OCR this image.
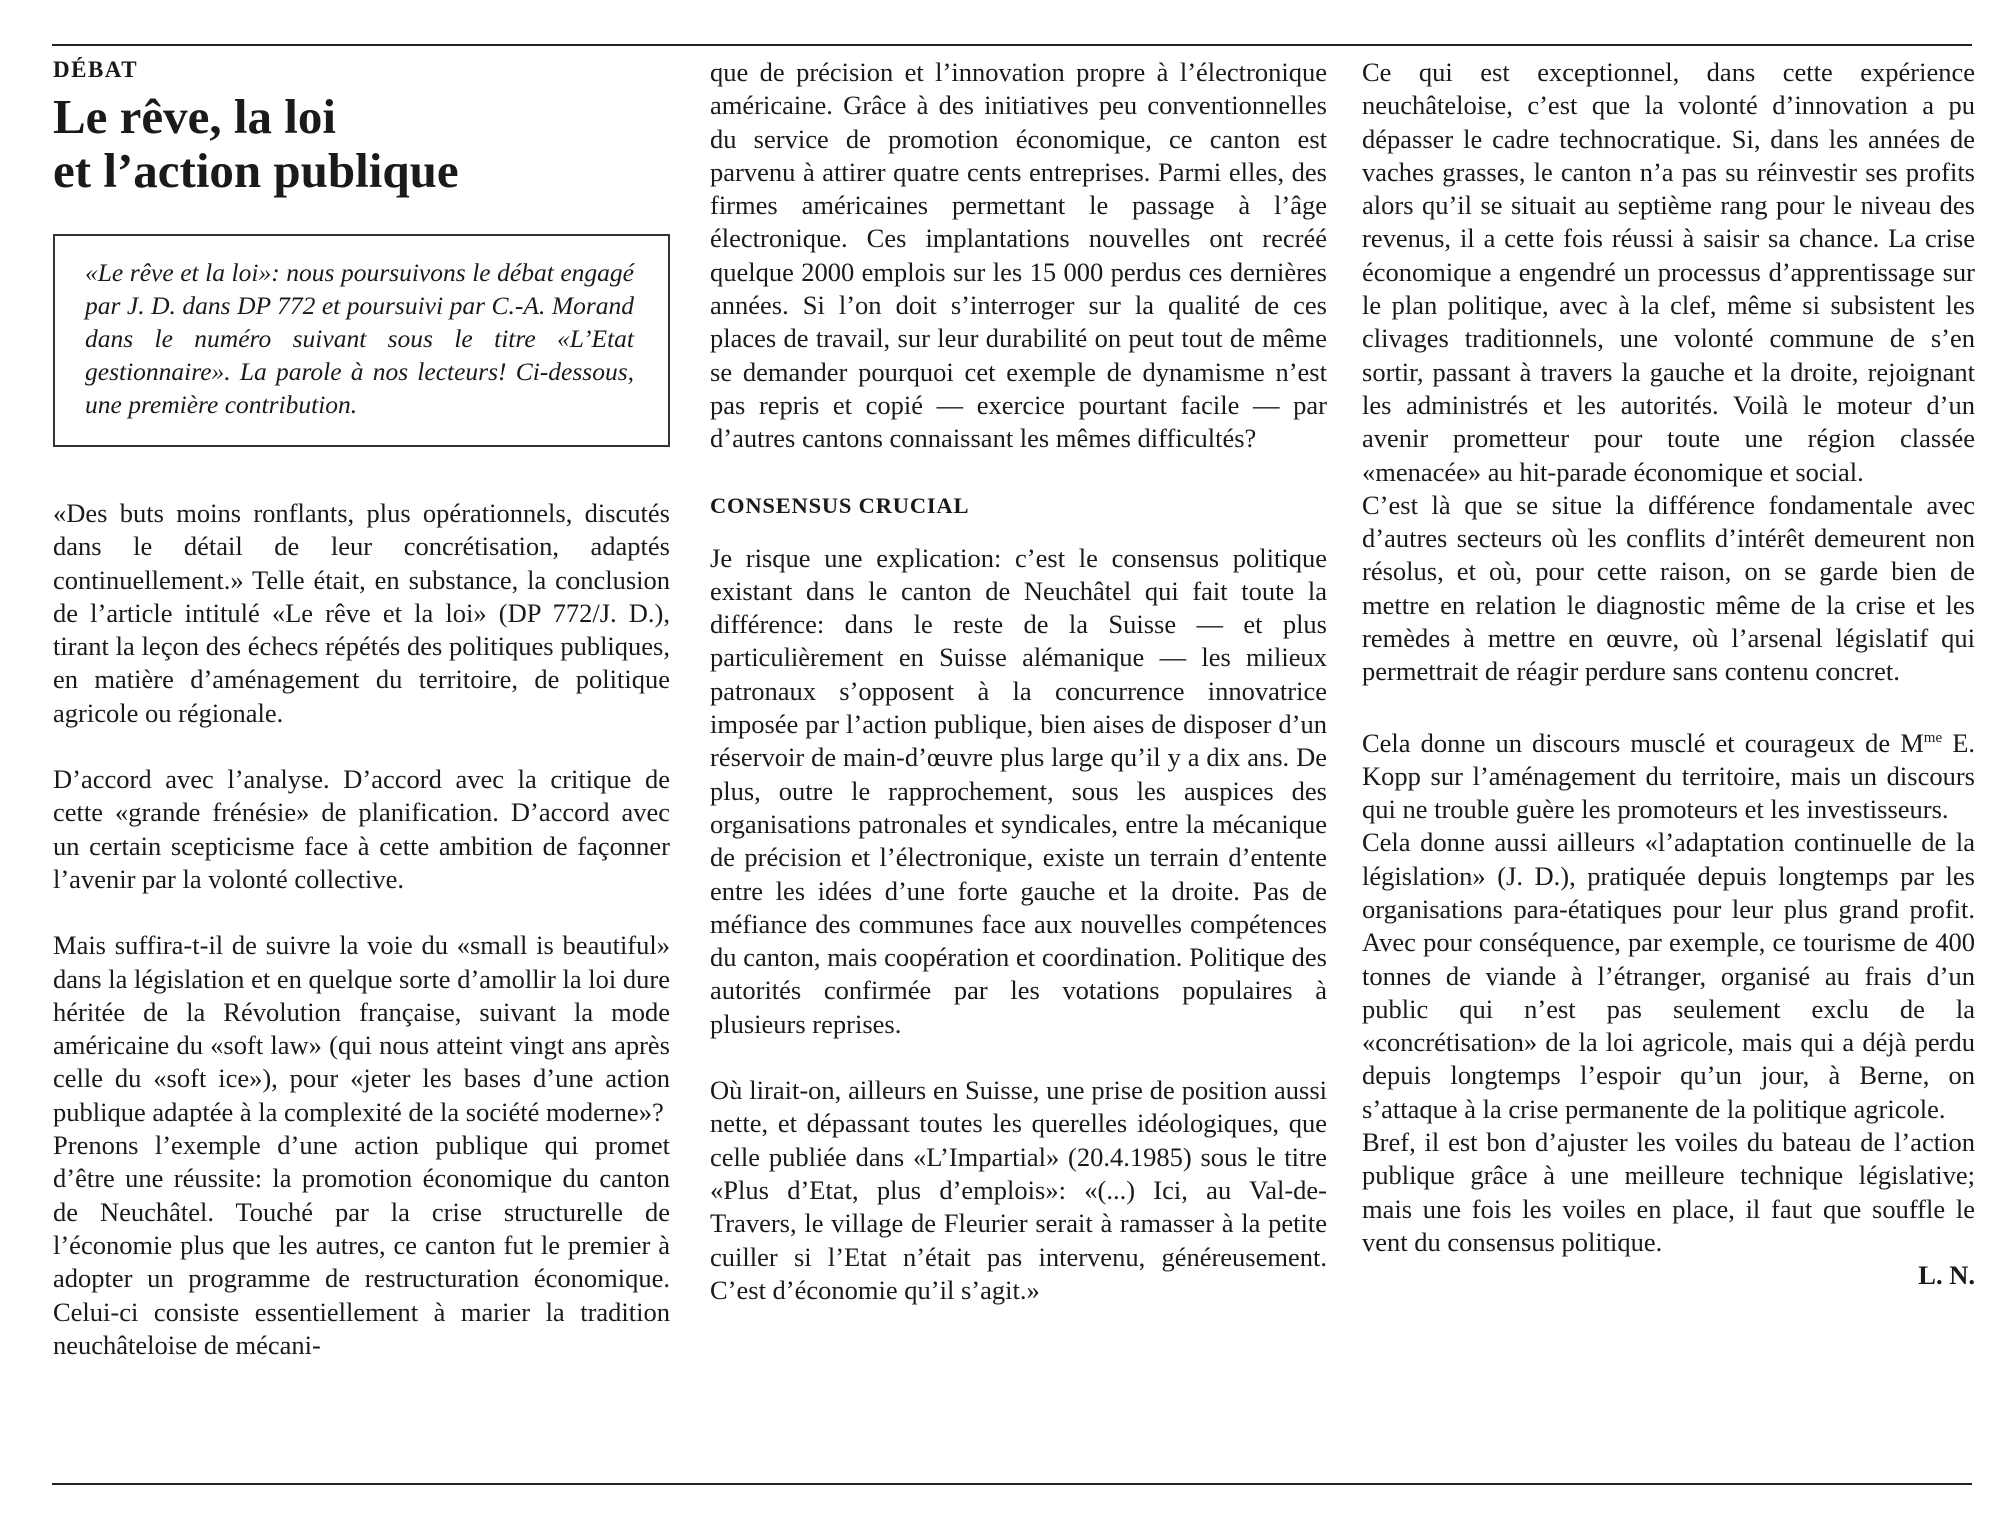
DÉBAT

Le rêve, la loi
et l’action publique
«Le rêve et la loi»: nous poursuivons le débat engagé par J. D. dans DP 772 et poursuivi par C.-A. Morand dans le numéro suivant sous le titre «L’Etat gestionnaire». La parole à nos lecteurs! Ci-dessous, une première contribution.

«Des buts moins ronflants, plus opérationnels, discutés dans le détail de leur concrétisation, adaptés continuellement.» Telle était, en substance, la conclusion de l’article intitulé «Le rêve et la loi» (DP 772/J. D.), tirant la leçon des échecs répétés des politiques publiques, en matière d’aménagement du territoire, de politique agricole ou régionale.

D’accord avec l’analyse. D’accord avec la critique de cette «grande frénésie» de planification. D’accord avec un certain scepticisme face à cette ambition de façonner l’avenir par la volonté collective.

Mais suffira-t-il de suivre la voie du «small is beautiful» dans la législation et en quelque sorte d’amollir la loi dure héritée de la Révolution française, suivant la mode américaine du «soft law» (qui nous atteint vingt ans après celle du «soft ice»), pour «jeter les bases d’une action publique adaptée à la complexité de la société moderne»?

Prenons l’exemple d’une action publique qui promet d’être une réussite: la promotion économique du canton de Neuchâtel. Touché par la crise structurelle de l’économie plus que les autres, ce canton fut le premier à adopter un programme de restructuration économique. Celui-ci consiste essentiellement à marier la tradition neuchâteloise de mécani-

que de précision et l’innovation propre à l’électronique américaine. Grâce à des initiatives peu conventionnelles du service de promotion économique, ce canton est parvenu à attirer quatre cents entreprises. Parmi elles, des firmes américaines permettant le passage à l’âge électronique. Ces implantations nouvelles ont recréé quelque 2000 emplois sur les 15 000 perdus ces dernières années. Si l’on doit s’interroger sur la qualité de ces places de travail, sur leur durabilité on peut tout de même se demander pourquoi cet exemple de dynamisme n’est pas repris et copié — exercice pourtant facile — par d’autres cantons connaissant les mêmes difficultés?

CONSENSUS CRUCIAL

Je risque une explication: c’est le consensus politique existant dans le canton de Neuchâtel qui fait toute la différence: dans le reste de la Suisse — et plus particulièrement en Suisse alémanique — les milieux patronaux s’opposent à la concurrence innovatrice imposée par l’action publique, bien aises de disposer d’un réservoir de main-d’œuvre plus large qu’il y a dix ans. De plus, outre le rapprochement, sous les auspices des organisations patronales et syndicales, entre la mécanique de précision et l’électronique, existe un terrain d’entente entre les idées d’une forte gauche et la droite. Pas de méfiance des communes face aux nouvelles compétences du canton, mais coopération et coordination. Politique des autorités confirmée par les votations populaires à plusieurs reprises.

Où lirait-on, ailleurs en Suisse, une prise de position aussi nette, et dépassant toutes les querelles idéologiques, que celle publiée dans «L’Impartial» (20.4.1985) sous le titre «Plus d’Etat, plus d’emplois»: «(...) Ici, au Val-de-Travers, le village de Fleurier serait à ramasser à la petite cuiller si l’Etat n’était pas intervenu, généreusement. C’est d’économie qu’il s’agit.»

Ce qui est exceptionnel, dans cette expérience neuchâteloise, c’est que la volonté d’innovation a pu dépasser le cadre technocratique. Si, dans les années de vaches grasses, le canton n’a pas su réinvestir ses profits alors qu’il se situait au septième rang pour le niveau des revenus, il a cette fois réussi à saisir sa chance. La crise économique a engendré un processus d’apprentissage sur le plan politique, avec à la clef, même si subsistent les clivages traditionnels, une volonté commune de s’en sortir, passant à travers la gauche et la droite, rejoignant les administrés et les autorités. Voilà le moteur d’un avenir prometteur pour toute une région classée «menacée» au hit-parade économique et social.

C’est là que se situe la différence fondamentale avec d’autres secteurs où les conflits d’intérêt demeurent non résolus, et où, pour cette raison, on se garde bien de mettre en relation le diagnostic même de la crise et les remèdes à mettre en œuvre, où l’arsenal législatif qui permettrait de réagir perdure sans contenu concret.

Cela donne un discours musclé et courageux de $M^{me}$ E. Kopp sur l’aménagement du territoire, mais un discours qui ne trouble guère les promoteurs et les investisseurs.

Cela donne aussi ailleurs «l’adaptation continuelle de la législation» (J. D.), pratiquée depuis longtemps par les organisations para-étatiques pour leur plus grand profit. Avec pour conséquence, par exemple, ce tourisme de 400 tonnes de viande à l’étranger, organisé au frais d’un public qui n’est pas seulement exclu de la «concrétisation» de la loi agricole, mais qui a déjà perdu depuis longtemps l’espoir qu’un jour, à Berne, on s’attaque à la crise permanente de la politique agricole.

Bref, il est bon d’ajuster les voiles du bateau de l’action publique grâce à une meilleure technique législative; mais une fois les voiles en place, il faut que souffle le vent du consensus politique.

L. N.
